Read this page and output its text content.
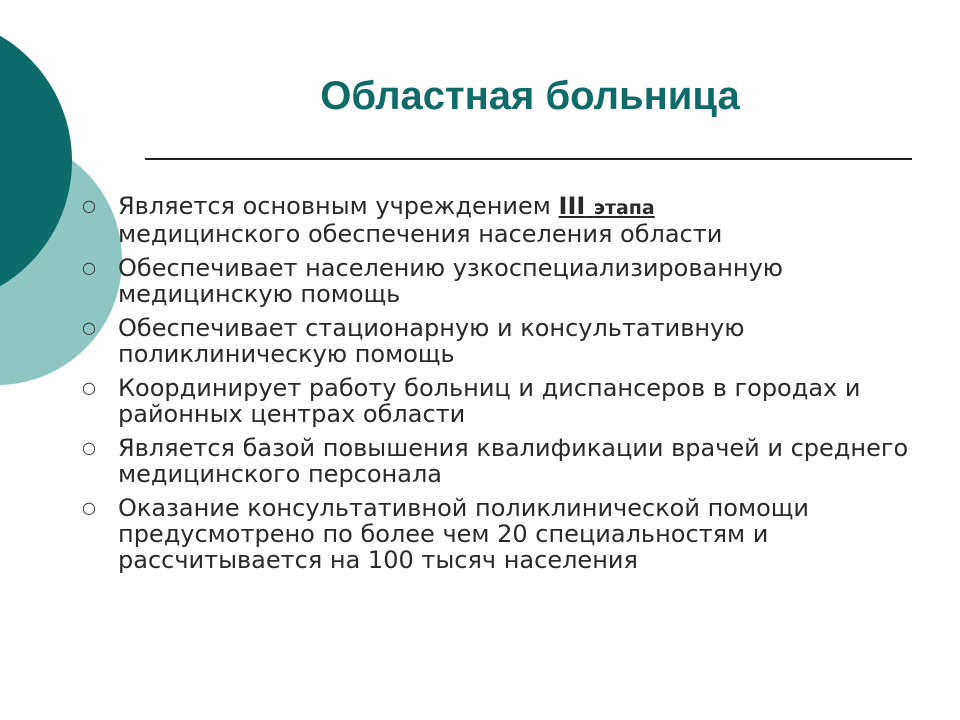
Областная больница
○ Является основным учреждением III этапа
медицинского обеспечения населения области
○ Обеспечивает населению узкоспециализированную медицинскую помощь
○ Обеспечивает стационарную и консультативную поликлиническую помощь
○ Координирует работу больниц и диспансеров в городах и районных центрах области
○ Является базой повышения квалификации врачей и среднего медицинского персонала
○ Оказание консультативной поликлинической помощи предусмотрено по более чем 20 специальностям и рассчитывается на 100 тысяч населения
